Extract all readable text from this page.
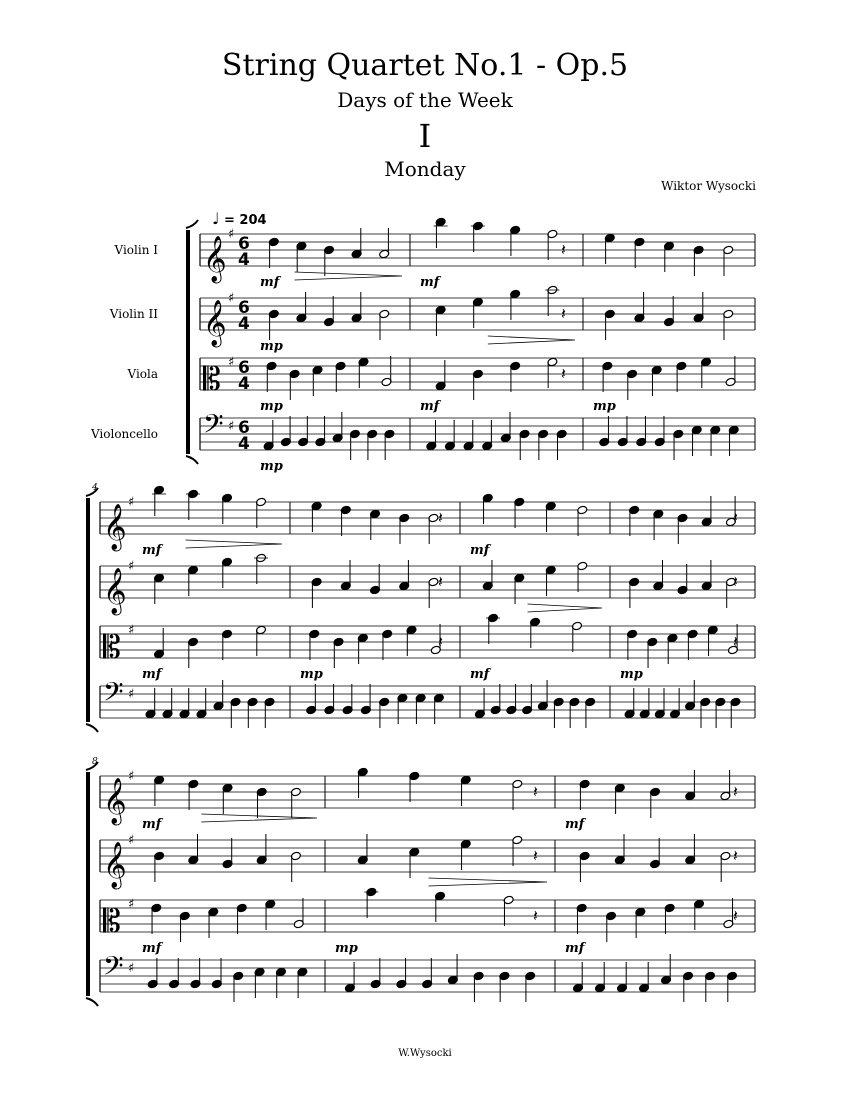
String Quartet No.1 - Op.5
Days of the Week
I
Monday
Wiktor Wysocki
𝄞
♯ 6
4
𝄽
Violin I
𝄞
♯ 6
4
𝄽
Violin II
𝄡 ♯ 6
4
𝄽
Viola
𝄢 ♯ 6
4
Violoncello
mf
mp
mp
mp
mf
mf	mp
4
𝄞
♯
𝄽	𝄽
𝄞
♯
𝄽	𝄽
𝄡 ♯
𝄽	𝄽
𝄢 ♯
mf
mf	mp
mf
mf	mp
8
𝄞
♯
𝄽	𝄽
𝄞
♯
𝄽	𝄽
𝄡 ♯
𝄽	𝄽
𝄢 ♯
mf
mf	mp
mf
mf
♩ = 204
W.Wysocki
